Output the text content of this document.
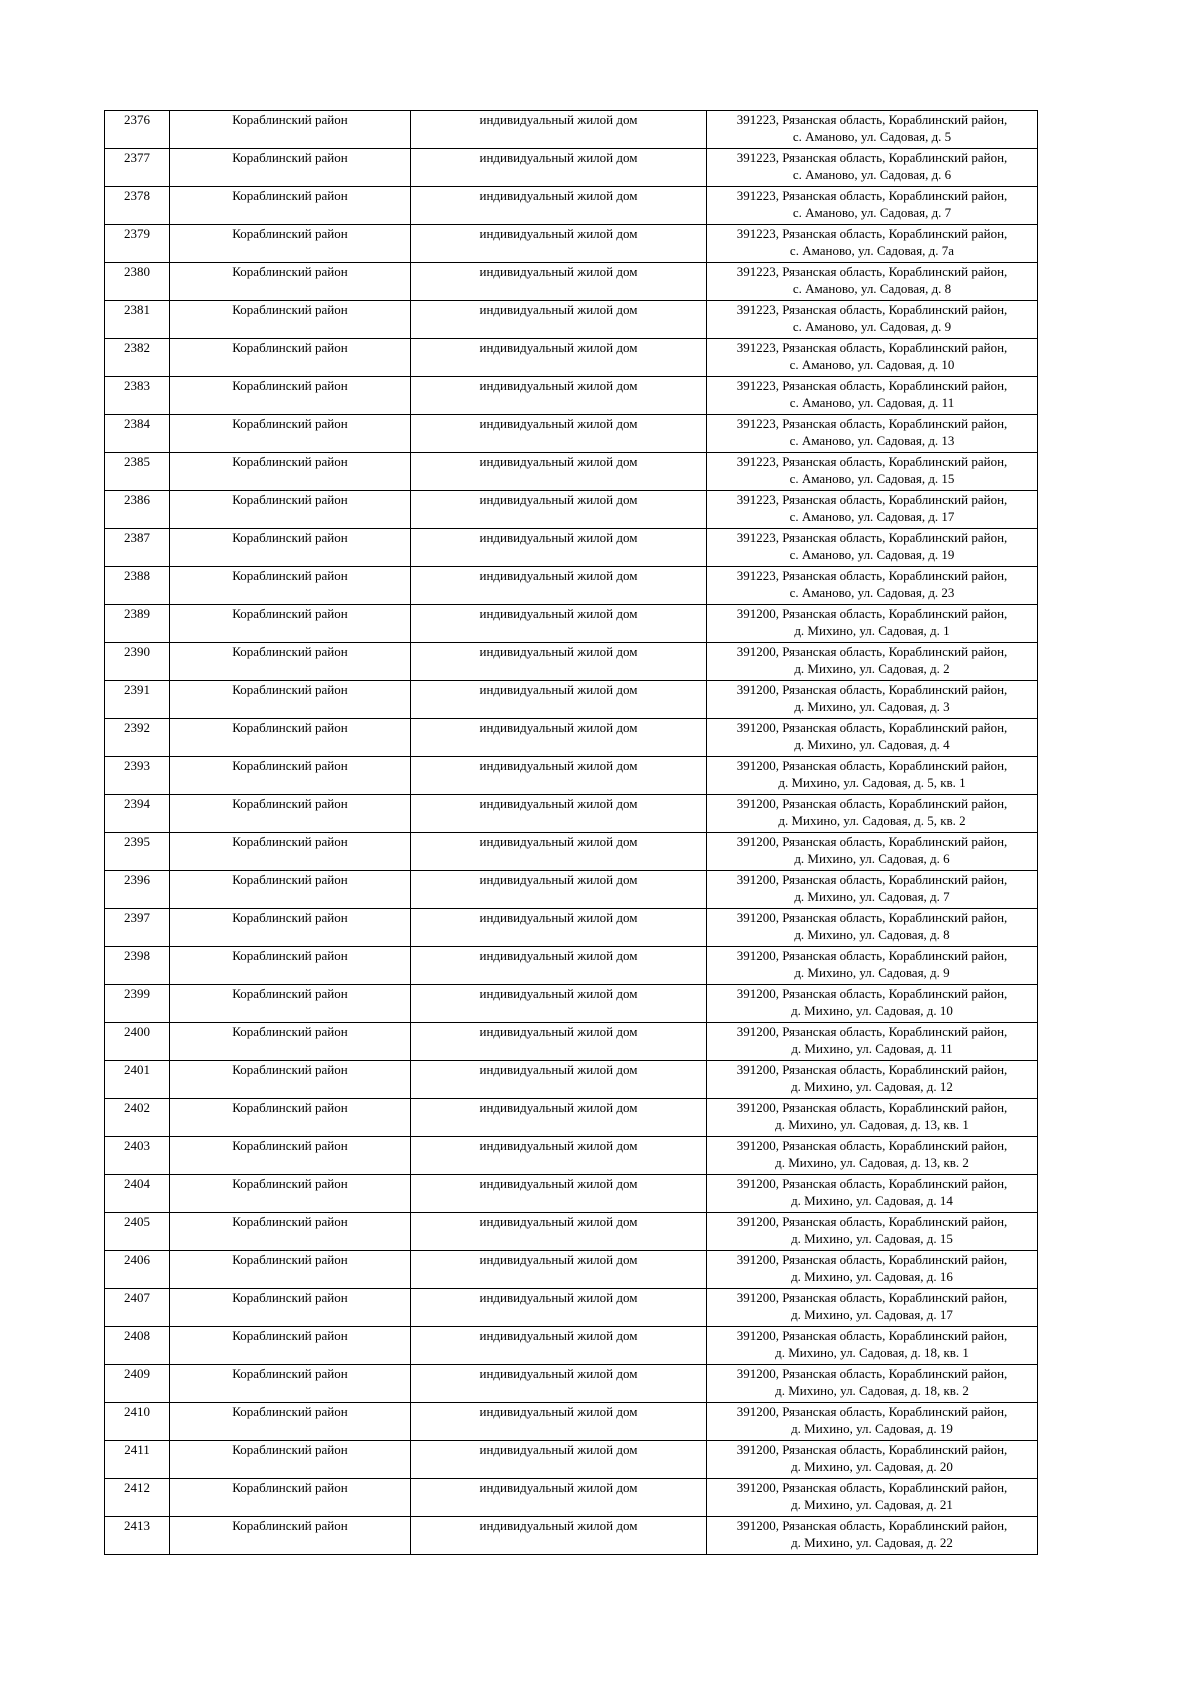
2376	Кораблинский район	индивидуальный жилой дом	391223, Рязанская область, Кораблинский район,
с. Аманово, ул. Садовая, д. 5

2377	Кораблинский район	индивидуальный жилой дом	391223, Рязанская область, Кораблинский район,
с. Аманово, ул. Садовая, д. 6

2378	Кораблинский район	индивидуальный жилой дом	391223, Рязанская область, Кораблинский район,
с. Аманово, ул. Садовая, д. 7

2379	Кораблинский район	индивидуальный жилой дом	391223, Рязанская область, Кораблинский район,
с. Аманово, ул. Садовая, д. 7а

2380	Кораблинский район	индивидуальный жилой дом	391223, Рязанская область, Кораблинский район,
с. Аманово, ул. Садовая, д. 8

2381	Кораблинский район	индивидуальный жилой дом	391223, Рязанская область, Кораблинский район,
с. Аманово, ул. Садовая, д. 9

2382	Кораблинский район	индивидуальный жилой дом	391223, Рязанская область, Кораблинский район,
с. Аманово, ул. Садовая, д. 10

2383	Кораблинский район	индивидуальный жилой дом	391223, Рязанская область, Кораблинский район,
с. Аманово, ул. Садовая, д. 11

2384	Кораблинский район	индивидуальный жилой дом	391223, Рязанская область, Кораблинский район,
с. Аманово, ул. Садовая, д. 13

2385	Кораблинский район	индивидуальный жилой дом	391223, Рязанская область, Кораблинский район,
с. Аманово, ул. Садовая, д. 15

2386	Кораблинский район	индивидуальный жилой дом	391223, Рязанская область, Кораблинский район,
с. Аманово, ул. Садовая, д. 17

2387	Кораблинский район	индивидуальный жилой дом	391223, Рязанская область, Кораблинский район,
с. Аманово, ул. Садовая, д. 19

2388	Кораблинский район	индивидуальный жилой дом	391223, Рязанская область, Кораблинский район,
с. Аманово, ул. Садовая, д. 23

2389	Кораблинский район	индивидуальный жилой дом	391200, Рязанская область, Кораблинский район,
д. Михино, ул. Садовая, д. 1

2390	Кораблинский район	индивидуальный жилой дом	391200, Рязанская область, Кораблинский район,
д. Михино, ул. Садовая, д. 2

2391	Кораблинский район	индивидуальный жилой дом	391200, Рязанская область, Кораблинский район,
д. Михино, ул. Садовая, д. 3

2392	Кораблинский район	индивидуальный жилой дом	391200, Рязанская область, Кораблинский район,
д. Михино, ул. Садовая, д. 4

2393	Кораблинский район	индивидуальный жилой дом	391200, Рязанская область, Кораблинский район,
д. Михино, ул. Садовая, д. 5, кв. 1

2394	Кораблинский район	индивидуальный жилой дом	391200, Рязанская область, Кораблинский район,
д. Михино, ул. Садовая, д. 5, кв. 2

2395	Кораблинский район	индивидуальный жилой дом	391200, Рязанская область, Кораблинский район,
д. Михино, ул. Садовая, д. 6

2396	Кораблинский район	индивидуальный жилой дом	391200, Рязанская область, Кораблинский район,
д. Михино, ул. Садовая, д. 7

2397	Кораблинский район	индивидуальный жилой дом	391200, Рязанская область, Кораблинский район,
д. Михино, ул. Садовая, д. 8

2398	Кораблинский район	индивидуальный жилой дом	391200, Рязанская область, Кораблинский район,
д. Михино, ул. Садовая, д. 9

2399	Кораблинский район	индивидуальный жилой дом	391200, Рязанская область, Кораблинский район,
д. Михино, ул. Садовая, д. 10

2400	Кораблинский район	индивидуальный жилой дом	391200, Рязанская область, Кораблинский район,
д. Михино, ул. Садовая, д. 11

2401	Кораблинский район	индивидуальный жилой дом	391200, Рязанская область, Кораблинский район,
д. Михино, ул. Садовая, д. 12

2402	Кораблинский район	индивидуальный жилой дом	391200, Рязанская область, Кораблинский район,
д. Михино, ул. Садовая, д. 13, кв. 1

2403	Кораблинский район	индивидуальный жилой дом	391200, Рязанская область, Кораблинский район,
д. Михино, ул. Садовая, д. 13, кв. 2

2404	Кораблинский район	индивидуальный жилой дом	391200, Рязанская область, Кораблинский район,
д. Михино, ул. Садовая, д. 14

2405	Кораблинский район	индивидуальный жилой дом	391200, Рязанская область, Кораблинский район,
д. Михино, ул. Садовая, д. 15

2406	Кораблинский район	индивидуальный жилой дом	391200, Рязанская область, Кораблинский район,
д. Михино, ул. Садовая, д. 16

2407	Кораблинский район	индивидуальный жилой дом	391200, Рязанская область, Кораблинский район,
д. Михино, ул. Садовая, д. 17

2408	Кораблинский район	индивидуальный жилой дом	391200, Рязанская область, Кораблинский район,
д. Михино, ул. Садовая, д. 18, кв. 1

2409	Кораблинский район	индивидуальный жилой дом	391200, Рязанская область, Кораблинский район,
д. Михино, ул. Садовая, д. 18, кв. 2

2410	Кораблинский район	индивидуальный жилой дом	391200, Рязанская область, Кораблинский район,
д. Михино, ул. Садовая, д. 19

2411	Кораблинский район	индивидуальный жилой дом	391200, Рязанская область, Кораблинский район,
д. Михино, ул. Садовая, д. 20

2412	Кораблинский район	индивидуальный жилой дом	391200, Рязанская область, Кораблинский район,
д. Михино, ул. Садовая, д. 21

2413	Кораблинский район	индивидуальный жилой дом	391200, Рязанская область, Кораблинский район,
д. Михино, ул. Садовая, д. 22
